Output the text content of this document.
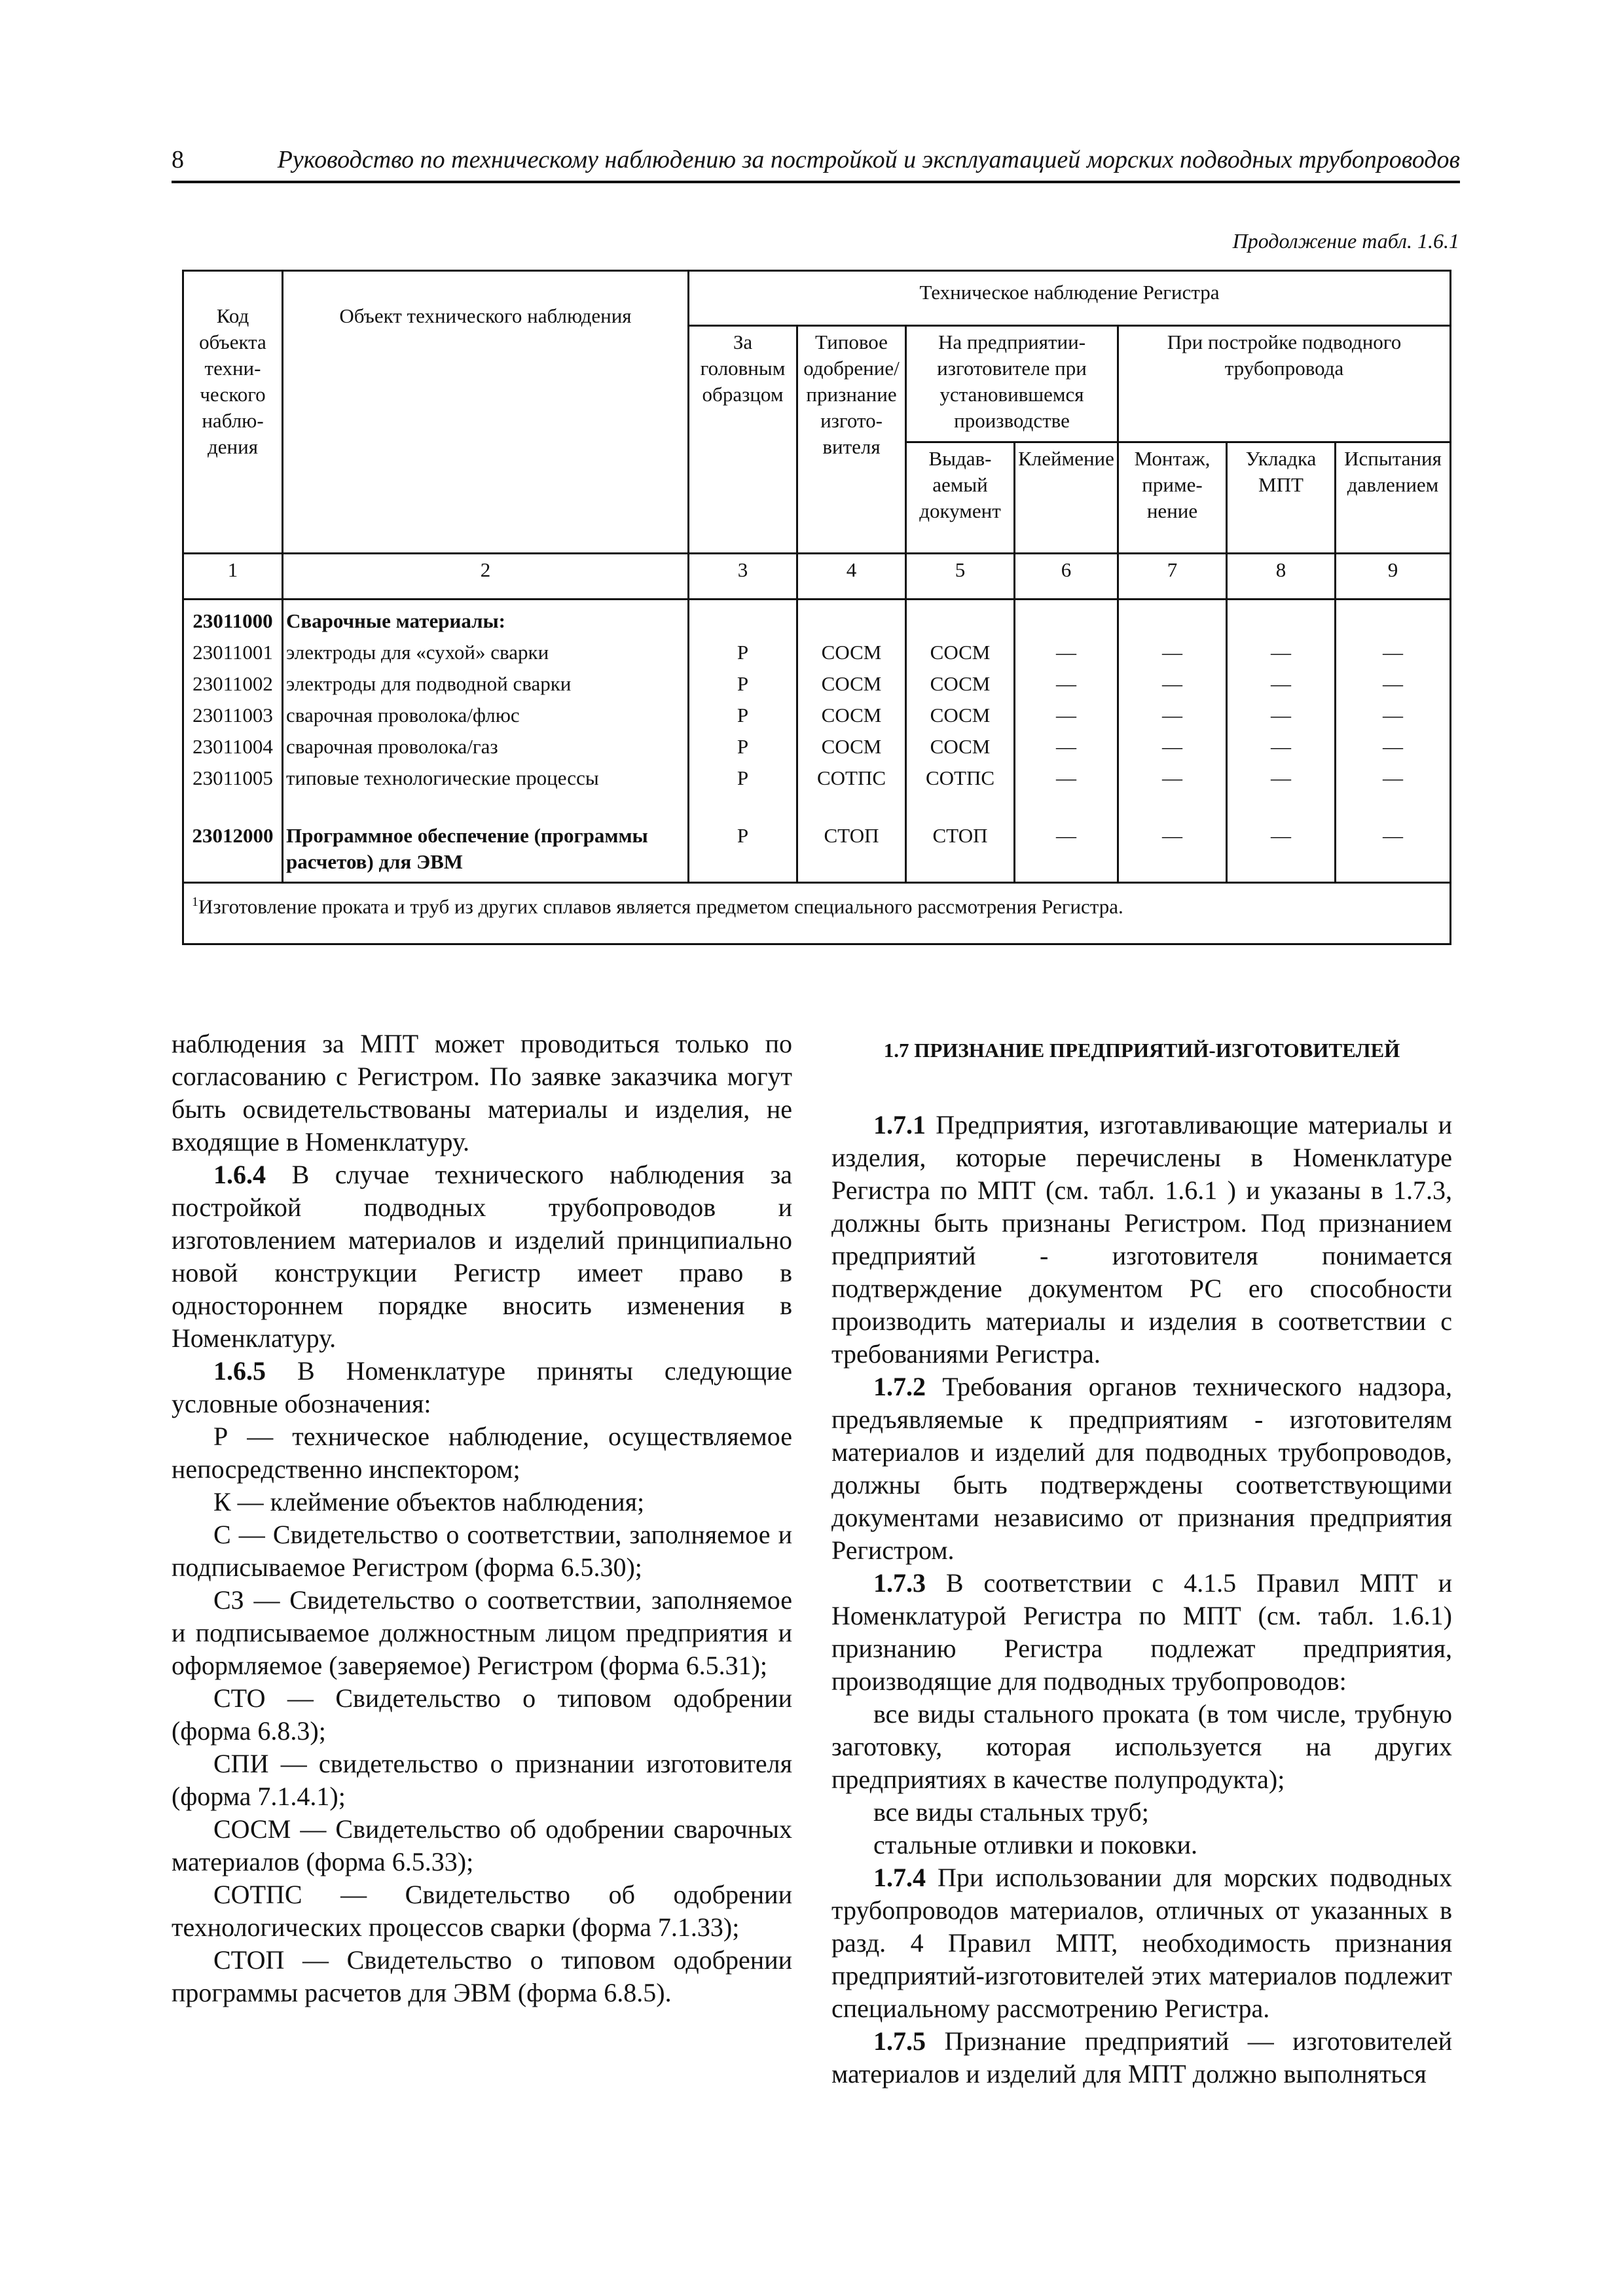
8	Руководство по техническому наблюдению за постройкой и эксплуатацией морских подводных трубопроводов
Продолжение табл. 1.6.1
Код объекта техни- ческого наблю- дения	Объект технического наблюдения	Техническое наблюдение Регистра						
		За головным образцом	Типовое одобрение/ признание изгото- вителя	На предприятии- изготовителе при установившемся производстве		При постройке подводного трубопровода		
				Выдав- аемый документ	Клеймение	Монтаж, приме- нение	Укладка МПТ	Испытания давлением
1	2	3	4	5	6	7	8	9
23011000	Сварочные материалы:							
23011001	электроды для «сухой» сварки	Р	СОСМ	СОСМ	—	—	—	—
23011002	электроды для подводной сварки	Р	СОСМ	СОСМ	—	—	—	—
23011003	сварочная проволока/флюс	Р	СОСМ	СОСМ	—	—	—	—
23011004	сварочная проволока/газ	Р	СОСМ	СОСМ	—	—	—	—
23011005	типовые технологические процессы	Р	СОТПС	СОТПС	—	—	—	—

23012000	Программное обеспечение (программы расчетов) для ЭВМ	Р	СТОП	СТОП	—	—	—	—
$^1$Изготовление проката и труб из других сплавов является предметом специального рассмотрения Регистра.								

наблюдения за МПТ может проводиться только по согласованию с Регистром. По заявке заказчика могут быть освидетельствованы материалы и изделия, не входящие в Номенклатуру.

1.6.4 В случае технического наблюдения за постройкой подводных трубопроводов и изготовлением материалов и изделий принципиально новой конструкции Регистр имеет право в одностороннем порядке вносить изменения в Номенклатуру.

1.6.5 В Номенклатуре приняты следующие условные обозначения:

Р — техническое наблюдение, осуществляемое непосредственно инспектором;

К — клеймение объектов наблюдения;

С — Свидетельство о соответствии, заполняемое и подписываемое Регистром (форма 6.5.30);

СЗ — Свидетельство о соответствии, заполняемое и подписываемое должностным лицом предприятия и оформляемое (заверяемое) Регистром (форма 6.5.31);

СТО — Свидетельство о типовом одобрении (форма 6.8.3);

СПИ — свидетельство о признании изготовителя (форма 7.1.4.1);

СОСМ — Свидетельство об одобрении сварочных материалов (форма 6.5.33);

СОТПС — Свидетельство об одобрении технологических процессов сварки (форма 7.1.33);

СТОП — Свидетельство о типовом одобрении программы расчетов для ЭВМ (форма 6.8.5).

1.7 ПРИЗНАНИЕ ПРЕДПРИЯТИЙ-ИЗГОТОВИТЕЛЕЙ

1.7.1 Предприятия, изготавливающие материалы и изделия, которые перечислены в Номенклатуре Регистра по МПТ (см. табл. 1.6.1 ) и указаны в 1.7.3, должны быть признаны Регистром. Под признанием предприятий - изготовителя понимается подтверждение документом РС его способности производить материалы и изделия в соответствии с требованиями Регистра.

1.7.2 Требования органов технического надзора, предъявляемые к предприятиям - изготовителям материалов и изделий для подводных трубопроводов, должны быть подтверждены соответствующими документами независимо от признания предприятия Регистром.

1.7.3 В соответствии с 4.1.5 Правил МПТ и Номенклатурой Регистра по МПТ (см. табл. 1.6.1) признанию Регистра подлежат предприятия, производящие для подводных трубопроводов:

все виды стального проката (в том числе, трубную заготовку, которая используется на других предприятиях в качестве полупродукта);

все виды стальных труб;

стальные отливки и поковки.

1.7.4 При использовании для морских подводных трубопроводов материалов, отличных от указанных в разд. 4 Правил МПТ, необходимость признания предприятий-изготовителей этих материалов подлежит специальному рассмотрению Регистра.

1.7.5 Признание предприятий — изготовителей материалов и изделий для МПТ должно выполняться
